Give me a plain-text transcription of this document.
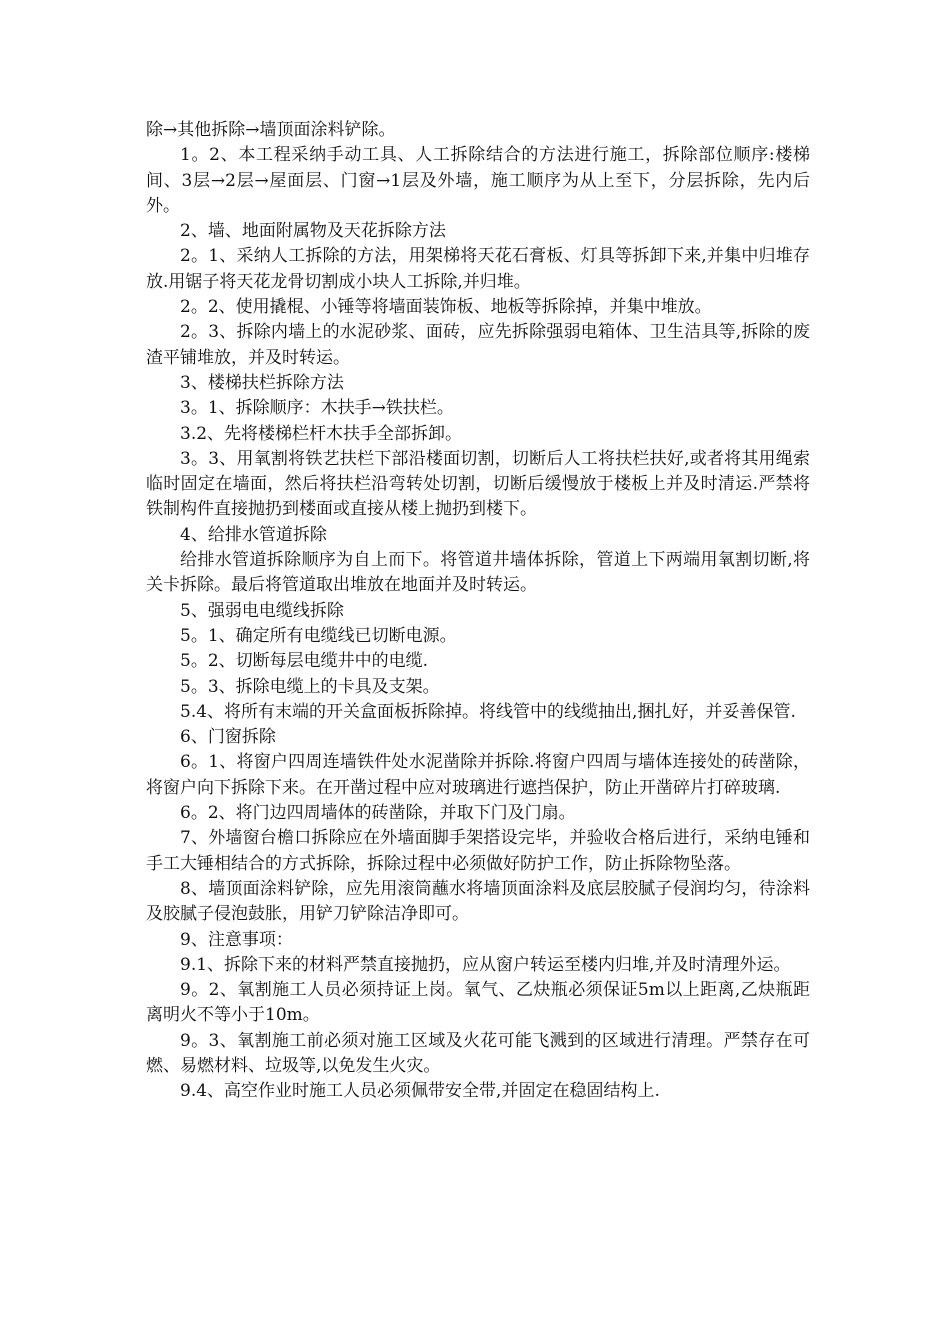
除→其他拆除→墙顶面涂料铲除。

1。2、本工程采纳手动工具、人工拆除结合的方法进行施工，拆除部位顺序:楼梯间、3层→2层→屋面层、门窗→1层及外墙，施工顺序为从上至下，分层拆除，先内后外。

2、墙、地面附属物及天花拆除方法

2。1、采纳人工拆除的方法，用架梯将天花石膏板、灯具等拆卸下来,并集中归堆存放.用锯子将天花龙骨切割成小块人工拆除,并归堆。

2。2、使用撬棍、小锤等将墙面装饰板、地板等拆除掉，并集中堆放。

2。3、拆除内墙上的水泥砂浆、面砖，应先拆除强弱电箱体、卫生洁具等,拆除的废渣平铺堆放，并及时转运。

3、楼梯扶栏拆除方法

3。1、拆除顺序：木扶手→铁扶栏。

3.2、先将楼梯栏杆木扶手全部拆卸。

3。3、用氧割将铁艺扶栏下部沿楼面切割，切断后人工将扶栏扶好,或者将其用绳索临时固定在墙面，然后将扶栏沿弯转处切割，切断后缓慢放于楼板上并及时清运.严禁将铁制构件直接抛扔到楼面或直接从楼上抛扔到楼下。

4、给排水管道拆除

给排水管道拆除顺序为自上而下。将管道井墙体拆除，管道上下两端用氧割切断,将关卡拆除。最后将管道取出堆放在地面并及时转运。

5、强弱电电缆线拆除

5。1、确定所有电缆线已切断电源。

5。2、切断每层电缆井中的电缆.

5。3、拆除电缆上的卡具及支架。

5.4、将所有末端的开关盒面板拆除掉。将线管中的线缆抽出,捆扎好，并妥善保管.

6、门窗拆除

6。1、将窗户四周连墙铁件处水泥凿除并拆除.将窗户四周与墙体连接处的砖凿除，将窗户向下拆除下来。在开凿过程中应对玻璃进行遮挡保护，防止开凿碎片打碎玻璃.

6。2、将门边四周墙体的砖凿除，并取下门及门扇。

7、外墙窗台檐口拆除应在外墙面脚手架搭设完毕，并验收合格后进行，采纳电锤和手工大锤相结合的方式拆除，拆除过程中必须做好防护工作，防止拆除物坠落。

8、墙顶面涂料铲除，应先用滚筒蘸水将墙顶面涂料及底层胶腻子侵润均匀，待涂料及胶腻子侵泡鼓胀，用铲刀铲除洁净即可。

9、注意事项：

9.1、拆除下来的材料严禁直接抛扔，应从窗户转运至楼内归堆,并及时清理外运。

9。2、氧割施工人员必须持证上岗。氧气、乙炔瓶必须保证5m以上距离,乙炔瓶距离明火不等小于10m。

9。3、氧割施工前必须对施工区域及火花可能飞溅到的区域进行清理。严禁存在可燃、易燃材料、垃圾等,以免发生火灾。

9.4、高空作业时施工人员必须佩带安全带,并固定在稳固结构上.
